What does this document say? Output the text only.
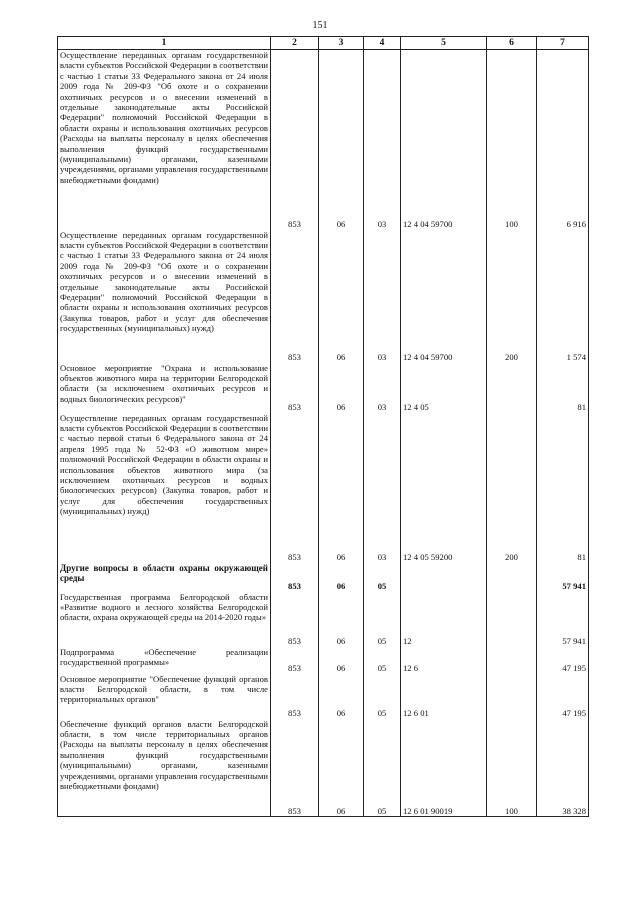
151
1	2	3	4	5	6	7
Осуществление переданных органам государственной власти субъектов Российской Федерации в соответствии с частью 1 статьи 33 Федерального закона от 24 июля 2009 года № 209-ФЗ "Об охоте и о сохранении охотничьих ресурсов и о внесении изменений в отдельные законодательные акты Российской Федерации" полномочий Российской Федерации в области охраны и использования охотничьих ресурсов (Расходы на выплаты персоналу в целях обеспечения выполнения функций государственными (муниципальными) органами, казенными учреждениями, органами управления государственными внебюджетными фондами)	853	06	03	12 4 04 59700	100	6 916
Осуществление переданных органам государственной власти субъектов Российской Федерации в соответствии с частью 1 статьи 33 Федерального закона от 24 июля 2009 года № 209-ФЗ "Об охоте и о сохранении охотничьих ресурсов и о внесении изменений в отдельные законодательные акты Российской Федерации" полномочий Российской Федерации в области охраны и использования охотничьих ресурсов (Закупка товаров, работ и услуг для обеспечения государственных (муниципальных) нужд)	853	06	03	12 4 04 59700	200	1 574
Основное мероприятие "Охрана и использование объектов животного мира на территории Белгородской области (за исключением охотничьих ресурсов и водных биологических ресурсов)"	853	06	03	12 4 05		81
Осуществление переданных органам государственной власти субъектов Российской Федерации в соответствии с частью первой статьи 6 Федерального закона от 24 апреля 1995 года № 52-ФЗ «О животном мире» полномочий Российской Федерации в области охраны и использования объектов животного мира (за исключением охотничьих ресурсов и водных биологических ресурсов) (Закупка товаров, работ и услуг для обеспечения государственных (муниципальных) нужд)	853	06	03	12 4 05 59200	200	81
Другие вопросы в области охраны окружающей среды	853	06	05			57 941
Государственная программа Белгородской области «Развитие водного и лесного хозяйства Белгородской области, охрана окружающей среды на 2014-2020 годы»	853	06	05	12		57 941
Подпрограмма «Обеспечение реализации государственной программы»	853	06	05	12 6		47 195
Основное мероприятие "Обеспечение функций органов власти Белгородской области, в том числе территориальных органов"	853	06	05	12 6 01		47 195
Обеспечение функций органов власти Белгородской области, в том числе территориальных органов (Расходы на выплаты персоналу в целях обеспечения выполнения функций государственными (муниципальными) органами, казенными учреждениями, органами управления государственными внебюджетными фондами)	853	06	05	12 6 01 90019	100	38 328
